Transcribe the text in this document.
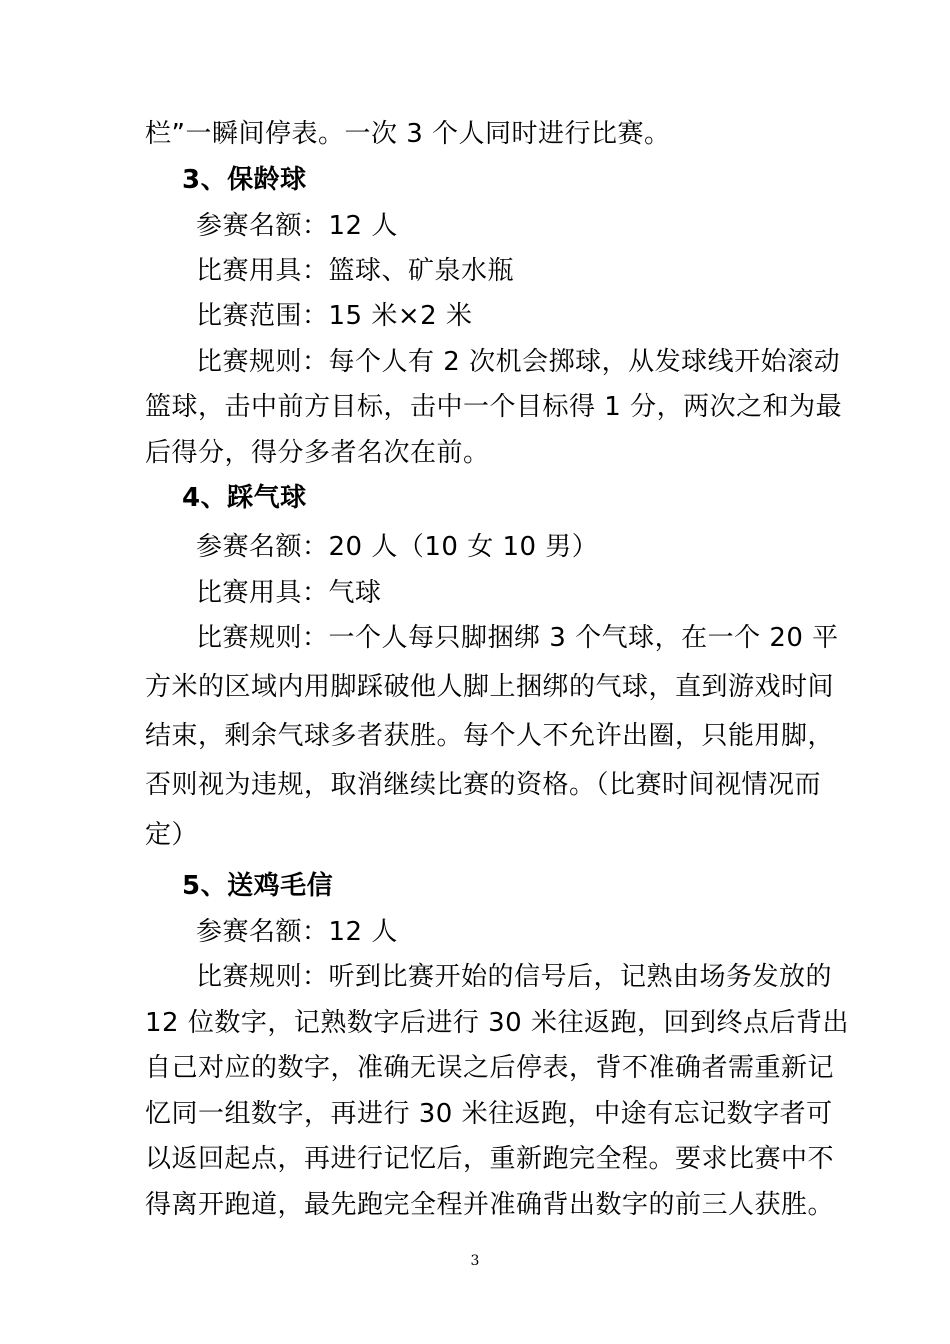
栏”一瞬间停表。一次 3 个人同时进行比赛。
3、保龄球
参赛名额：12 人
比赛用具：篮球、矿泉水瓶
比赛范围：15 米×2 米
比赛规则：每个人有 2 次机会掷球，从发球线开始滚动
篮球，击中前方目标，击中一个目标得 1 分，两次之和为最
后得分，得分多者名次在前。
4、踩气球
参赛名额：20 人（10 女 10 男）
比赛用具：气球
比赛规则：一个人每只脚捆绑 3 个气球，在一个 20 平
方米的区域内用脚踩破他人脚上捆绑的气球，直到游戏时间
结束，剩余气球多者获胜。每个人不允许出圈，只能用脚，
否则视为违规，取消继续比赛的资格。（比赛时间视情况而
定）
5、送鸡毛信
参赛名额：12 人
比赛规则：听到比赛开始的信号后，记熟由场务发放的
12 位数字，记熟数字后进行 30 米往返跑，回到终点后背出
自己对应的数字，准确无误之后停表，背不准确者需重新记
忆同一组数字，再进行 30 米往返跑，中途有忘记数字者可
以返回起点，再进行记忆后，重新跑完全程。要求比赛中不
得离开跑道，最先跑完全程并准确背出数字的前三人获胜。
3
